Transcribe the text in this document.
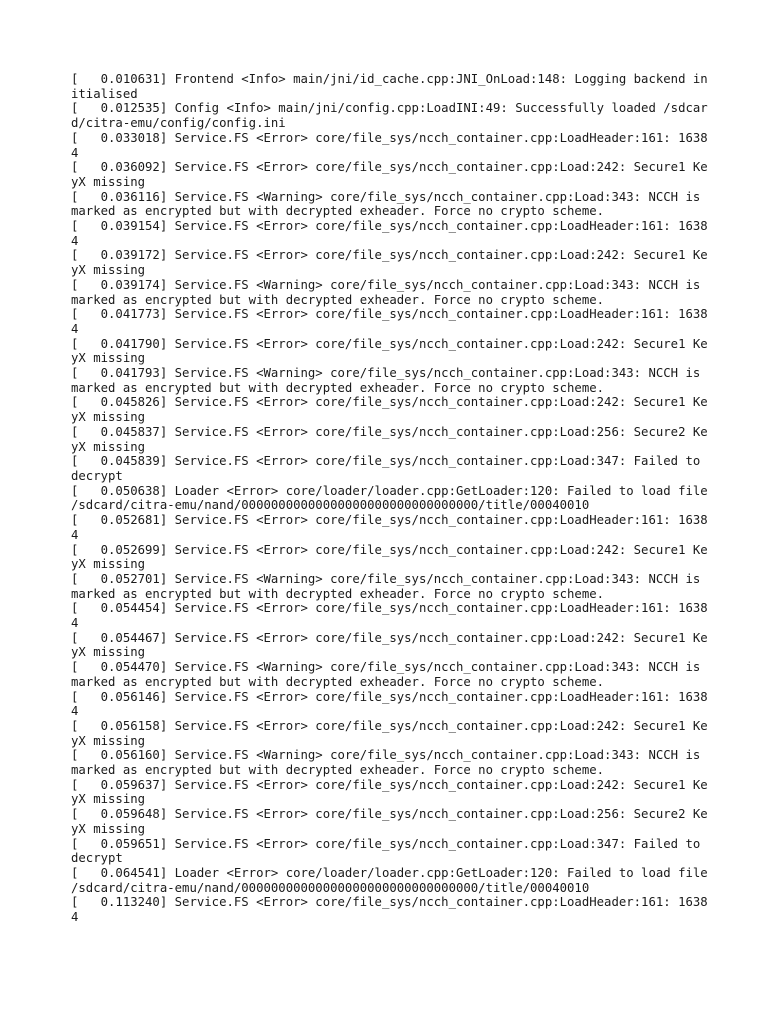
[   0.010631] Frontend <Info> main/jni/id_cache.cpp:JNI_OnLoad:148: Logging backend initialised
[   0.012535] Config <Info> main/jni/config.cpp:LoadINI:49: Successfully loaded /sdcard/citra-emu/config/config.ini
[   0.033018] Service.FS <Error> core/file_sys/ncch_container.cpp:LoadHeader:161: 16384
[   0.036092] Service.FS <Error> core/file_sys/ncch_container.cpp:Load:242: Secure1 KeyX missing
[   0.036116] Service.FS <Warning> core/file_sys/ncch_container.cpp:Load:343: NCCH is marked as encrypted but with decrypted exheader. Force no crypto scheme.
[   0.039154] Service.FS <Error> core/file_sys/ncch_container.cpp:LoadHeader:161: 16384
[   0.039172] Service.FS <Error> core/file_sys/ncch_container.cpp:Load:242: Secure1 KeyX missing
[   0.039174] Service.FS <Warning> core/file_sys/ncch_container.cpp:Load:343: NCCH is marked as encrypted but with decrypted exheader. Force no crypto scheme.
[   0.041773] Service.FS <Error> core/file_sys/ncch_container.cpp:LoadHeader:161: 16384
[   0.041790] Service.FS <Error> core/file_sys/ncch_container.cpp:Load:242: Secure1 KeyX missing
[   0.041793] Service.FS <Warning> core/file_sys/ncch_container.cpp:Load:343: NCCH is marked as encrypted but with decrypted exheader. Force no crypto scheme.
[   0.045826] Service.FS <Error> core/file_sys/ncch_container.cpp:Load:242: Secure1 KeyX missing
[   0.045837] Service.FS <Error> core/file_sys/ncch_container.cpp:Load:256: Secure2 KeyX missing
[   0.045839] Service.FS <Error> core/file_sys/ncch_container.cpp:Load:347: Failed to decrypt
[   0.050638] Loader <Error> core/loader/loader.cpp:GetLoader:120: Failed to load file /sdcard/citra-emu/nand/00000000000000000000000000000000/title/00040010
[   0.052681] Service.FS <Error> core/file_sys/ncch_container.cpp:LoadHeader:161: 16384
[   0.052699] Service.FS <Error> core/file_sys/ncch_container.cpp:Load:242: Secure1 KeyX missing
[   0.052701] Service.FS <Warning> core/file_sys/ncch_container.cpp:Load:343: NCCH is marked as encrypted but with decrypted exheader. Force no crypto scheme.
[   0.054454] Service.FS <Error> core/file_sys/ncch_container.cpp:LoadHeader:161: 16384
[   0.054467] Service.FS <Error> core/file_sys/ncch_container.cpp:Load:242: Secure1 KeyX missing
[   0.054470] Service.FS <Warning> core/file_sys/ncch_container.cpp:Load:343: NCCH is marked as encrypted but with decrypted exheader. Force no crypto scheme.
[   0.056146] Service.FS <Error> core/file_sys/ncch_container.cpp:LoadHeader:161: 16384
[   0.056158] Service.FS <Error> core/file_sys/ncch_container.cpp:Load:242: Secure1 KeyX missing
[   0.056160] Service.FS <Warning> core/file_sys/ncch_container.cpp:Load:343: NCCH is marked as encrypted but with decrypted exheader. Force no crypto scheme.
[   0.059637] Service.FS <Error> core/file_sys/ncch_container.cpp:Load:242: Secure1 KeyX missing
[   0.059648] Service.FS <Error> core/file_sys/ncch_container.cpp:Load:256: Secure2 KeyX missing
[   0.059651] Service.FS <Error> core/file_sys/ncch_container.cpp:Load:347: Failed to decrypt
[   0.064541] Loader <Error> core/loader/loader.cpp:GetLoader:120: Failed to load file /sdcard/citra-emu/nand/00000000000000000000000000000000/title/00040010
[   0.113240] Service.FS <Error> core/file_sys/ncch_container.cpp:LoadHeader:161: 16384
